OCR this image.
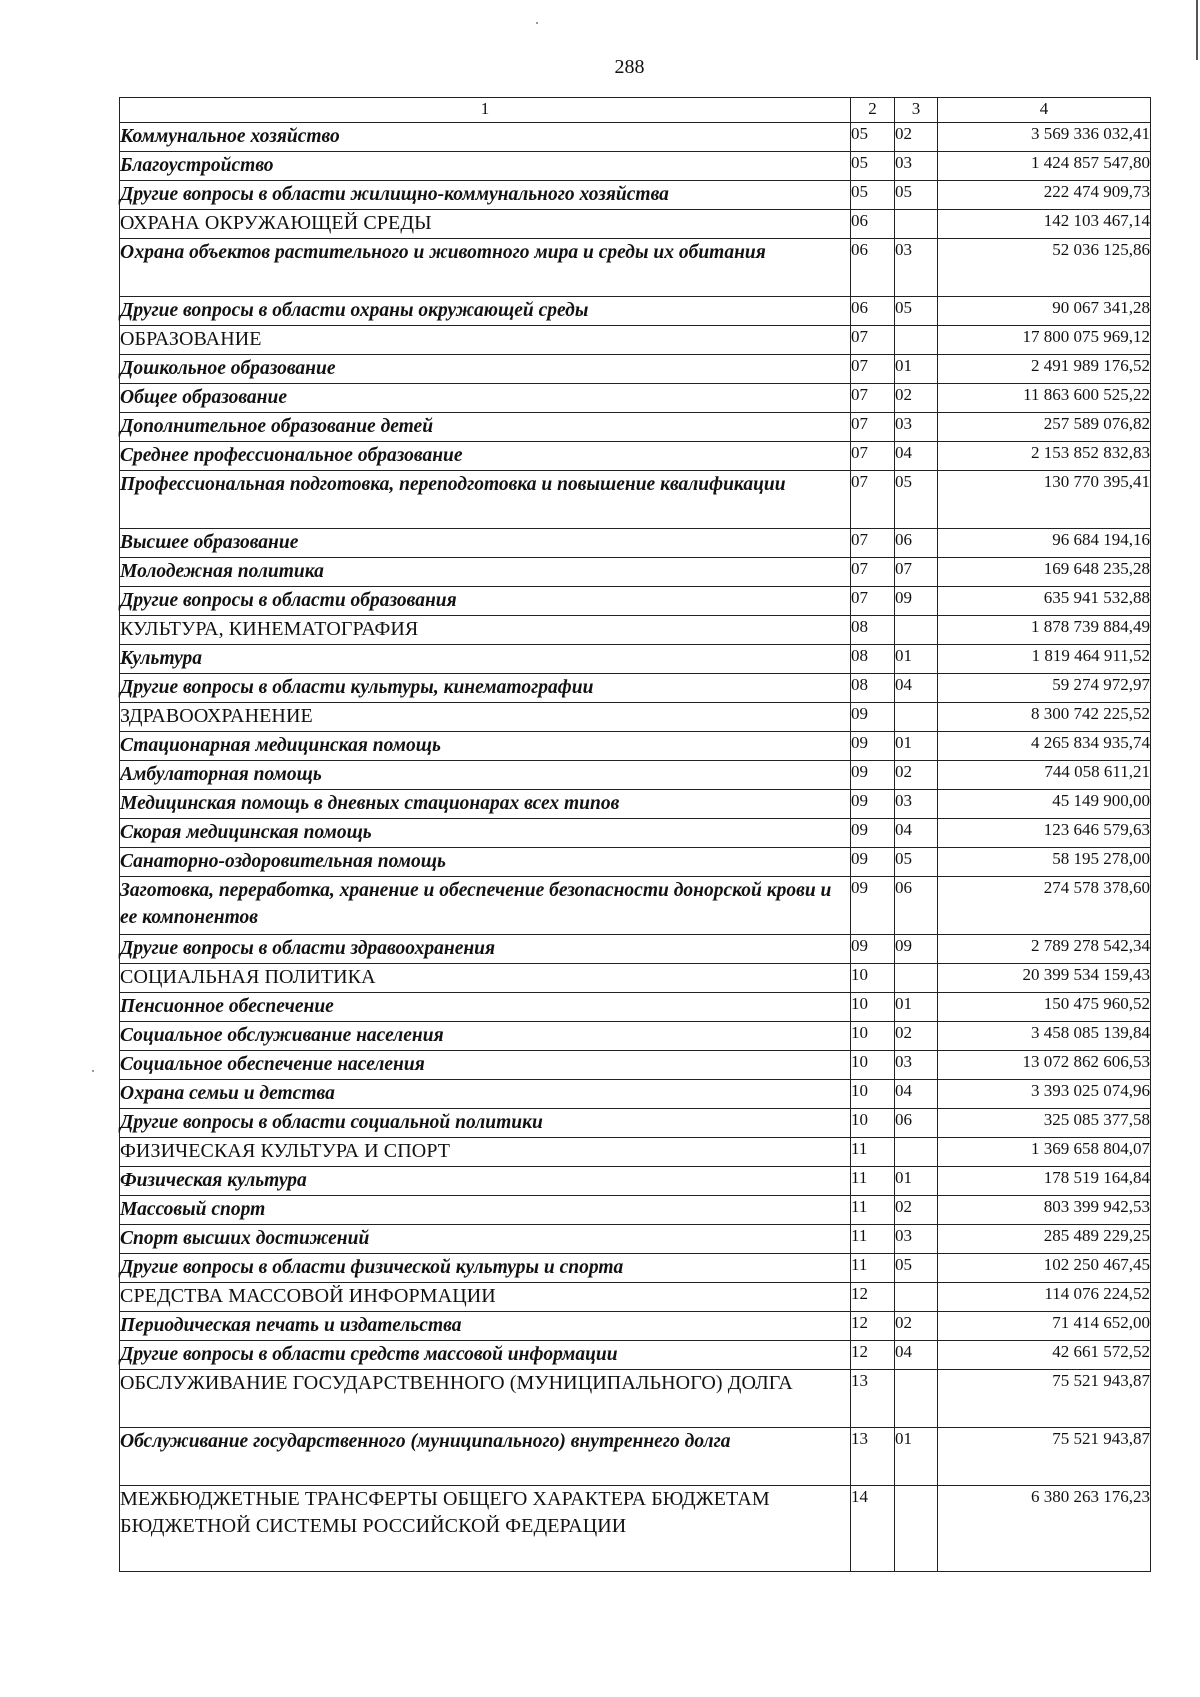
288
1	2	3	4
Коммунальное хозяйство	05	02	3 569 336 032,41
Благоустройство	05	03	1 424 857 547,80
Другие вопросы в области жилищно-коммунального хозяйства	05	05	222 474 909,73
ОХРАНА ОКРУЖАЮЩЕЙ СРЕДЫ	06		142 103 467,14
Охрана объектов растительного и животного мира и среды их обитания	06	03	52 036 125,86
Другие вопросы в области охраны окружающей среды	06	05	90 067 341,28
ОБРАЗОВАНИЕ	07		17 800 075 969,12
Дошкольное образование	07	01	2 491 989 176,52
Общее образование	07	02	11 863 600 525,22
Дополнительное образование детей	07	03	257 589 076,82
Среднее профессиональное образование	07	04	2 153 852 832,83
Профессиональная подготовка, переподготовка и повышение квалификации	07	05	130 770 395,41
Высшее образование	07	06	96 684 194,16
Молодежная политика	07	07	169 648 235,28
Другие вопросы в области образования	07	09	635 941 532,88
КУЛЬТУРА, КИНЕМАТОГРАФИЯ	08		1 878 739 884,49
Культура	08	01	1 819 464 911,52
Другие вопросы в области культуры, кинематографии	08	04	59 274 972,97
ЗДРАВООХРАНЕНИЕ	09		8 300 742 225,52
Стационарная медицинская помощь	09	01	4 265 834 935,74
Амбулаторная помощь	09	02	744 058 611,21
Медицинская помощь в дневных стационарах всех типов	09	03	45 149 900,00
Скорая медицинская помощь	09	04	123 646 579,63
Санаторно-оздоровительная помощь	09	05	58 195 278,00
Заготовка, переработка, хранение и обеспечение безопасности донорской крови и ее компонентов	09	06	274 578 378,60
Другие вопросы в области здравоохранения	09	09	2 789 278 542,34
СОЦИАЛЬНАЯ ПОЛИТИКА	10		20 399 534 159,43
Пенсионное обеспечение	10	01	150 475 960,52
Социальное обслуживание населения	10	02	3 458 085 139,84
Социальное обеспечение населения	10	03	13 072 862 606,53
Охрана семьи и детства	10	04	3 393 025 074,96
Другие вопросы в области социальной политики	10	06	325 085 377,58
ФИЗИЧЕСКАЯ КУЛЬТУРА И СПОРТ	11		1 369 658 804,07
Физическая культура	11	01	178 519 164,84
Массовый спорт	11	02	803 399 942,53
Спорт высших достижений	11	03	285 489 229,25
Другие вопросы в области физической культуры и спорта	11	05	102 250 467,45
СРЕДСТВА МАССОВОЙ ИНФОРМАЦИИ	12		114 076 224,52
Периодическая печать и издательства	12	02	71 414 652,00
Другие вопросы в области средств массовой информации	12	04	42 661 572,52
ОБСЛУЖИВАНИЕ ГОСУДАРСТВЕННОГО (МУНИЦИПАЛЬНОГО) ДОЛГА	13		75 521 943,87
Обслуживание государственного (муниципального) внутреннего долга	13	01	75 521 943,87
МЕЖБЮДЖЕТНЫЕ ТРАНСФЕРТЫ ОБЩЕГО ХАРАКТЕРА БЮДЖЕТАМ БЮДЖЕТНОЙ СИСТЕМЫ РОССИЙСКОЙ ФЕДЕРАЦИИ	14		6 380 263 176,23
